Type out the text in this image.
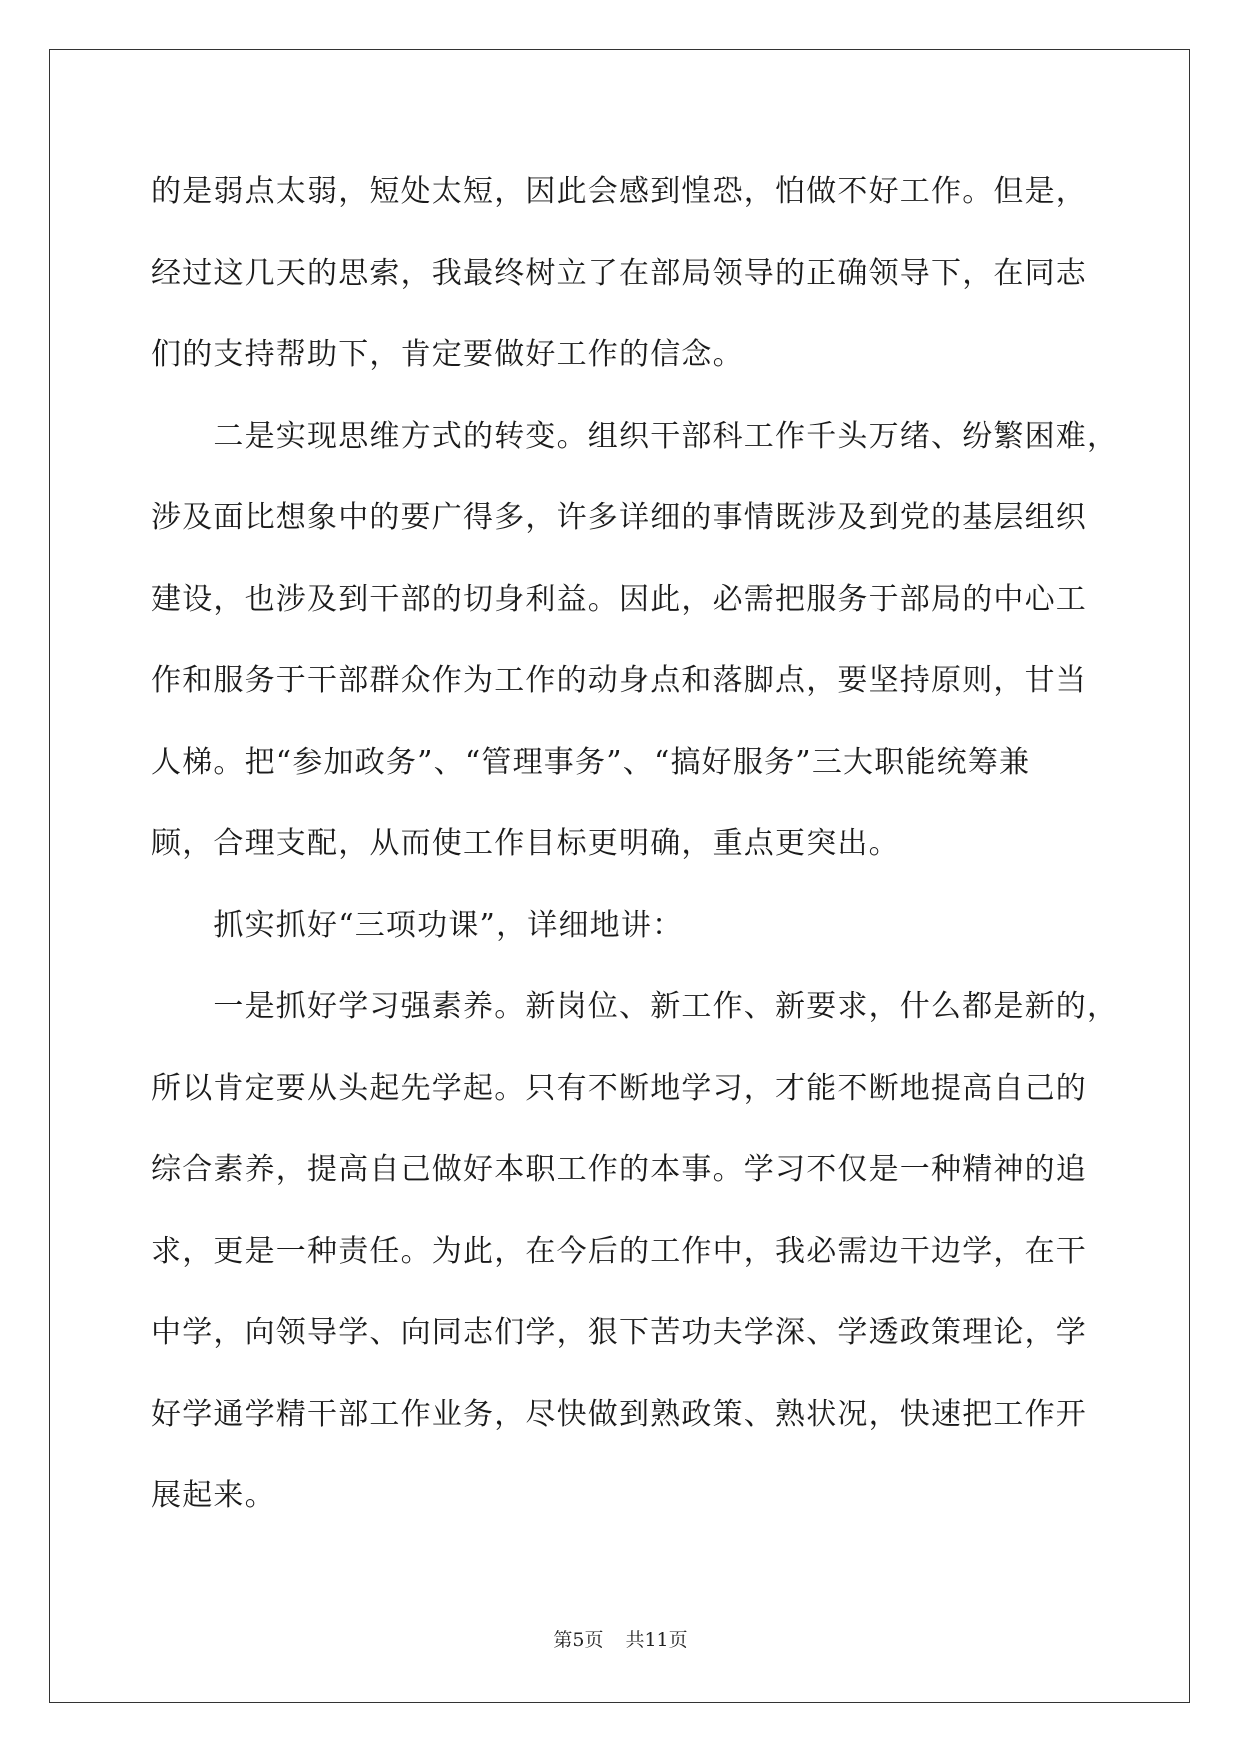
的是弱点太弱，短处太短，因此会感到惶恐，怕做不好工作。但是，
经过这几天的思索，我最终树立了在部局领导的正确领导下，在同志
们的支持帮助下，肯定要做好工作的信念。
　　二是实现思维方式的转变。组织干部科工作千头万绪、纷繁困难，
涉及面比想象中的要广得多，许多详细的事情既涉及到党的基层组织
建设，也涉及到干部的切身利益。因此，必需把服务于部局的中心工
作和服务于干部群众作为工作的动身点和落脚点，要坚持原则，甘当
人梯。把“参加政务”、“管理事务”、“搞好服务”三大职能统筹兼
顾，合理支配，从而使工作目标更明确，重点更突出。
　　抓实抓好“三项功课”，详细地讲：
　　一是抓好学习强素养。新岗位、新工作、新要求，什么都是新的，
所以肯定要从头起先学起。只有不断地学习，才能不断地提高自己的
综合素养，提高自己做好本职工作的本事。学习不仅是一种精神的追
求，更是一种责任。为此，在今后的工作中，我必需边干边学，在干
中学，向领导学、向同志们学，狠下苦功夫学深、学透政策理论，学
好学通学精干部工作业务，尽快做到熟政策、熟状况，快速把工作开
展起来。
第5页 共11页
